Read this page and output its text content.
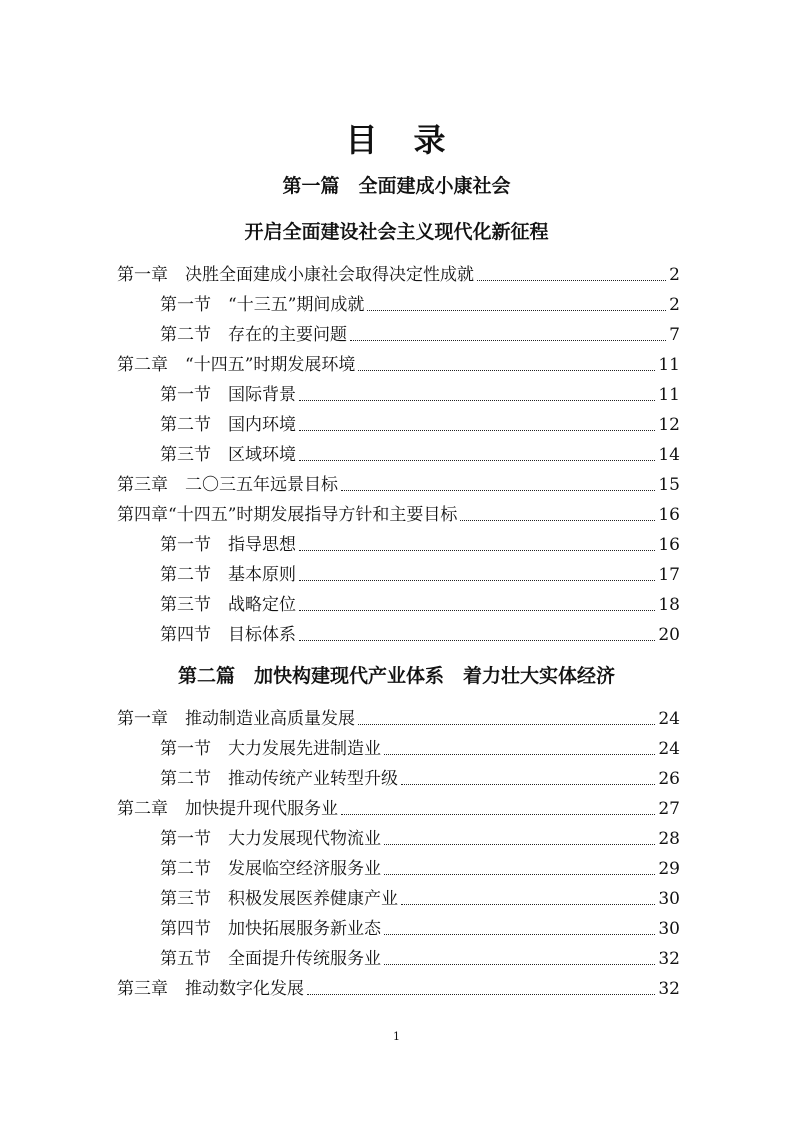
目　录
第一篇　全面建成小康社会
开启全面建设社会主义现代化新征程
第一章　决胜全面建成小康社会取得决定性成就	2
第一节　“十三五”期间成就	2
第二节　存在的主要问题	7
第二章　“十四五”时期发展环境	11
第一节　国际背景	11
第二节　国内环境	12
第三节　区域环境	14
第三章　二〇三五年远景目标	15
第四章“十四五”时期发展指导方针和主要目标	16
第一节　指导思想	16
第二节　基本原则	17
第三节　战略定位	18
第四节　目标体系	20
第二篇　加快构建现代产业体系　着力壮大实体经济
第一章　推动制造业高质量发展	24
第一节　大力发展先进制造业	24
第二节　推动传统产业转型升级	26
第二章　加快提升现代服务业	27
第一节　大力发展现代物流业	28
第二节　发展临空经济服务业	29
第三节　积极发展医养健康产业	30
第四节　加快拓展服务新业态	30
第五节　全面提升传统服务业	32
第三章　推动数字化发展	32
1
